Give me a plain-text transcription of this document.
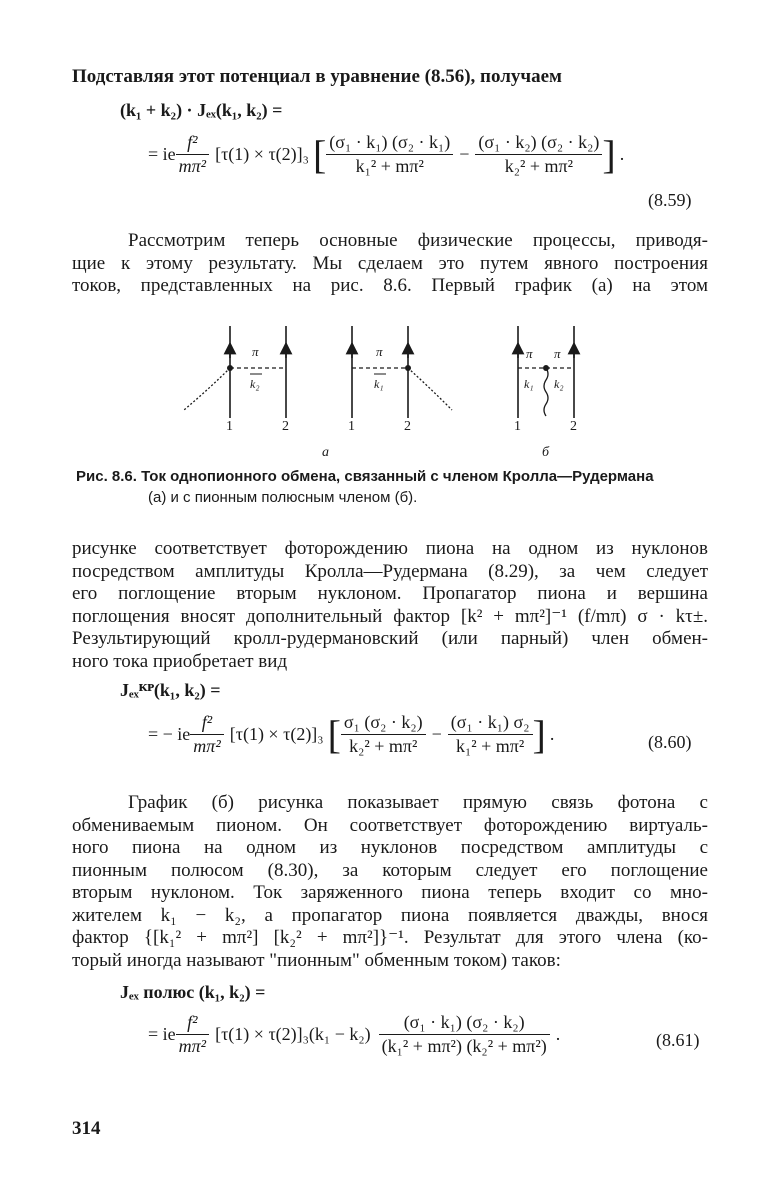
Подставляя этот потенциал в уравнение (8.56), получаем
(k₁ + k₂) · Jₑₓ(k₁, k₂) =
= ie $\frac{\text{f²}}{\text{mπ²}} [\tau(1) \times \tau(2)]_3$ [ $\frac{\text{(σ₁ · k₁) (σ₂ · k₁)}}{\text{k₁² + mπ²}} - \frac{\text{(σ₁ · k₂) (σ₂ · k₂)}}{\text{k₂² + mπ²}}$ ] .
(8.59)
Рассмотрим теперь основные физические процессы, приводя-
щие к этому результату. Мы сделаем это путем явного построения
токов, представленных на рис. 8.6. Первый график (а) на этом
π
k₂
1	2
π
k₁
1	2
а
π π
k₁ k₂
1	2
б
Рис. 8.6. Ток однопионного обмена, связанный с членом Кролла—Рудермана
(а) и с пионным полюсным членом (б).
рисунке соответствует фоторождению пиона на одном из нуклонов
посредством амплитуды Кролла—Рудермана (8.29), за чем следует
его поглощение вторым нуклоном. Пропагатор пиона и вершина
поглощения вносят дополнительный фактор [k² + mπ²]⁻¹ (f/mπ) σ · kτ±.
Результирующий кролл-рудермановский (или парный) член обмен-
ного тока приобретает вид
Jₑₓᴷᴾ(k₁, k₂) =
= − ie $\frac{\text{f²}}{\text{mπ²}} [\tau(1) \times \tau(2)]_3$ [ $\frac{\text{σ₁ (σ₂ · k₂)}}{\text{k₂² + mπ²}} - \frac{\text{(σ₁ · k₁) σ₂}}{\text{k₁² + mπ²}}$ ] .	(8.60)
График (б) рисунка показывает прямую связь фотона с
обмениваемым пионом. Он соответствует фоторождению виртуаль-
ного пиона на одном из нуклонов посредством амплитуды с
пионным полюсом (8.30), за которым следует его поглощение
вторым нуклоном. Ток заряженного пиона теперь входит со мно-
жителем k₁ − k₂, а пропагатор пиона появляется дважды, внося
фактор {[k₁² + mπ²] [k₂² + mπ²]}⁻¹. Результат для этого члена (ко-
торый иногда называют "пионным" обменным током) таков:
Jₑₓ полюс (k₁, k₂) =
= ie $\frac{\text{f²}}{\text{mπ²}} [\tau(1) \times \tau(2)]_3(k_1 - k_2) \frac{\text{(σ₁ · k₁) (σ₂ · k₂)}}{\text{(k₁² + mπ²) (k₂² + mπ²)}}$ .	(8.61)
314
